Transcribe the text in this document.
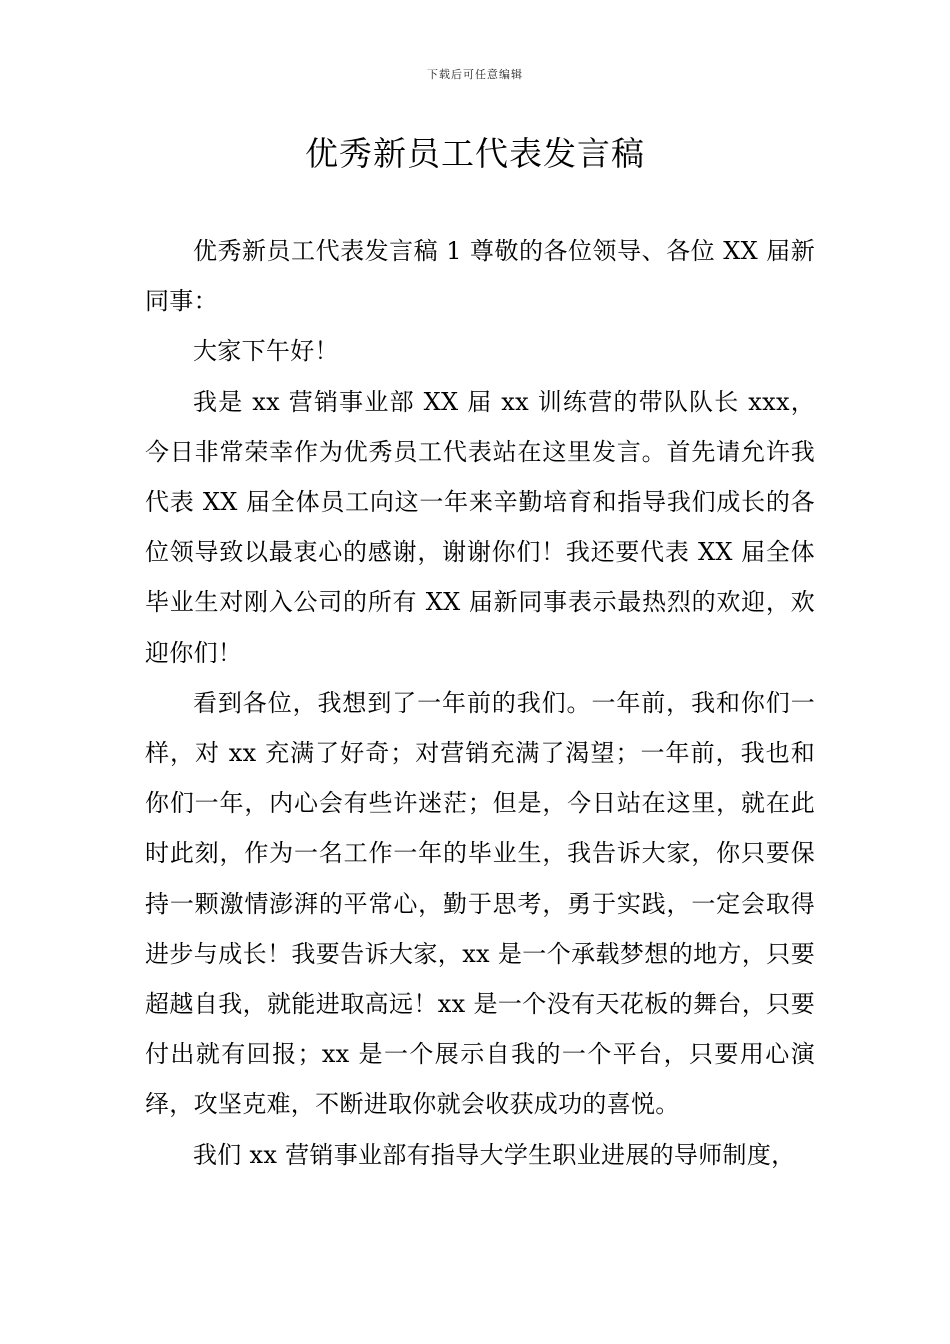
下载后可任意编辑
优秀新员工代表发言稿

优秀新员工代表发言稿 1 尊敬的各位领导、各位 XX 届新同事：

大家下午好！

我是 xx 营销事业部 XX 届 xx 训练营的带队队长 xxx，今日非常荣幸作为优秀员工代表站在这里发言。首先请允许我代表 XX 届全体员工向这一年来辛勤培育和指导我们成长的各位领导致以最衷心的感谢，谢谢你们！我还要代表 XX 届全体毕业生对刚入公司的所有 XX 届新同事表示最热烈的欢迎，欢迎你们！

看到各位，我想到了一年前的我们。一年前，我和你们一样，对 xx 充满了好奇；对营销充满了渴望；一年前，我也和你们一年，内心会有些许迷茫；但是，今日站在这里，就在此时此刻，作为一名工作一年的毕业生，我告诉大家，你只要保持一颗激情澎湃的平常心，勤于思考，勇于实践，一定会取得进步与成长！我要告诉大家，xx 是一个承载梦想的地方，只要超越自我，就能进取高远！xx 是一个没有天花板的舞台，只要付出就有回报；xx 是一个展示自我的一个平台，只要用心演绎，攻坚克难，不断进取你就会收获成功的喜悦。

我们 xx 营销事业部有指导大学生职业进展的导师制度，
